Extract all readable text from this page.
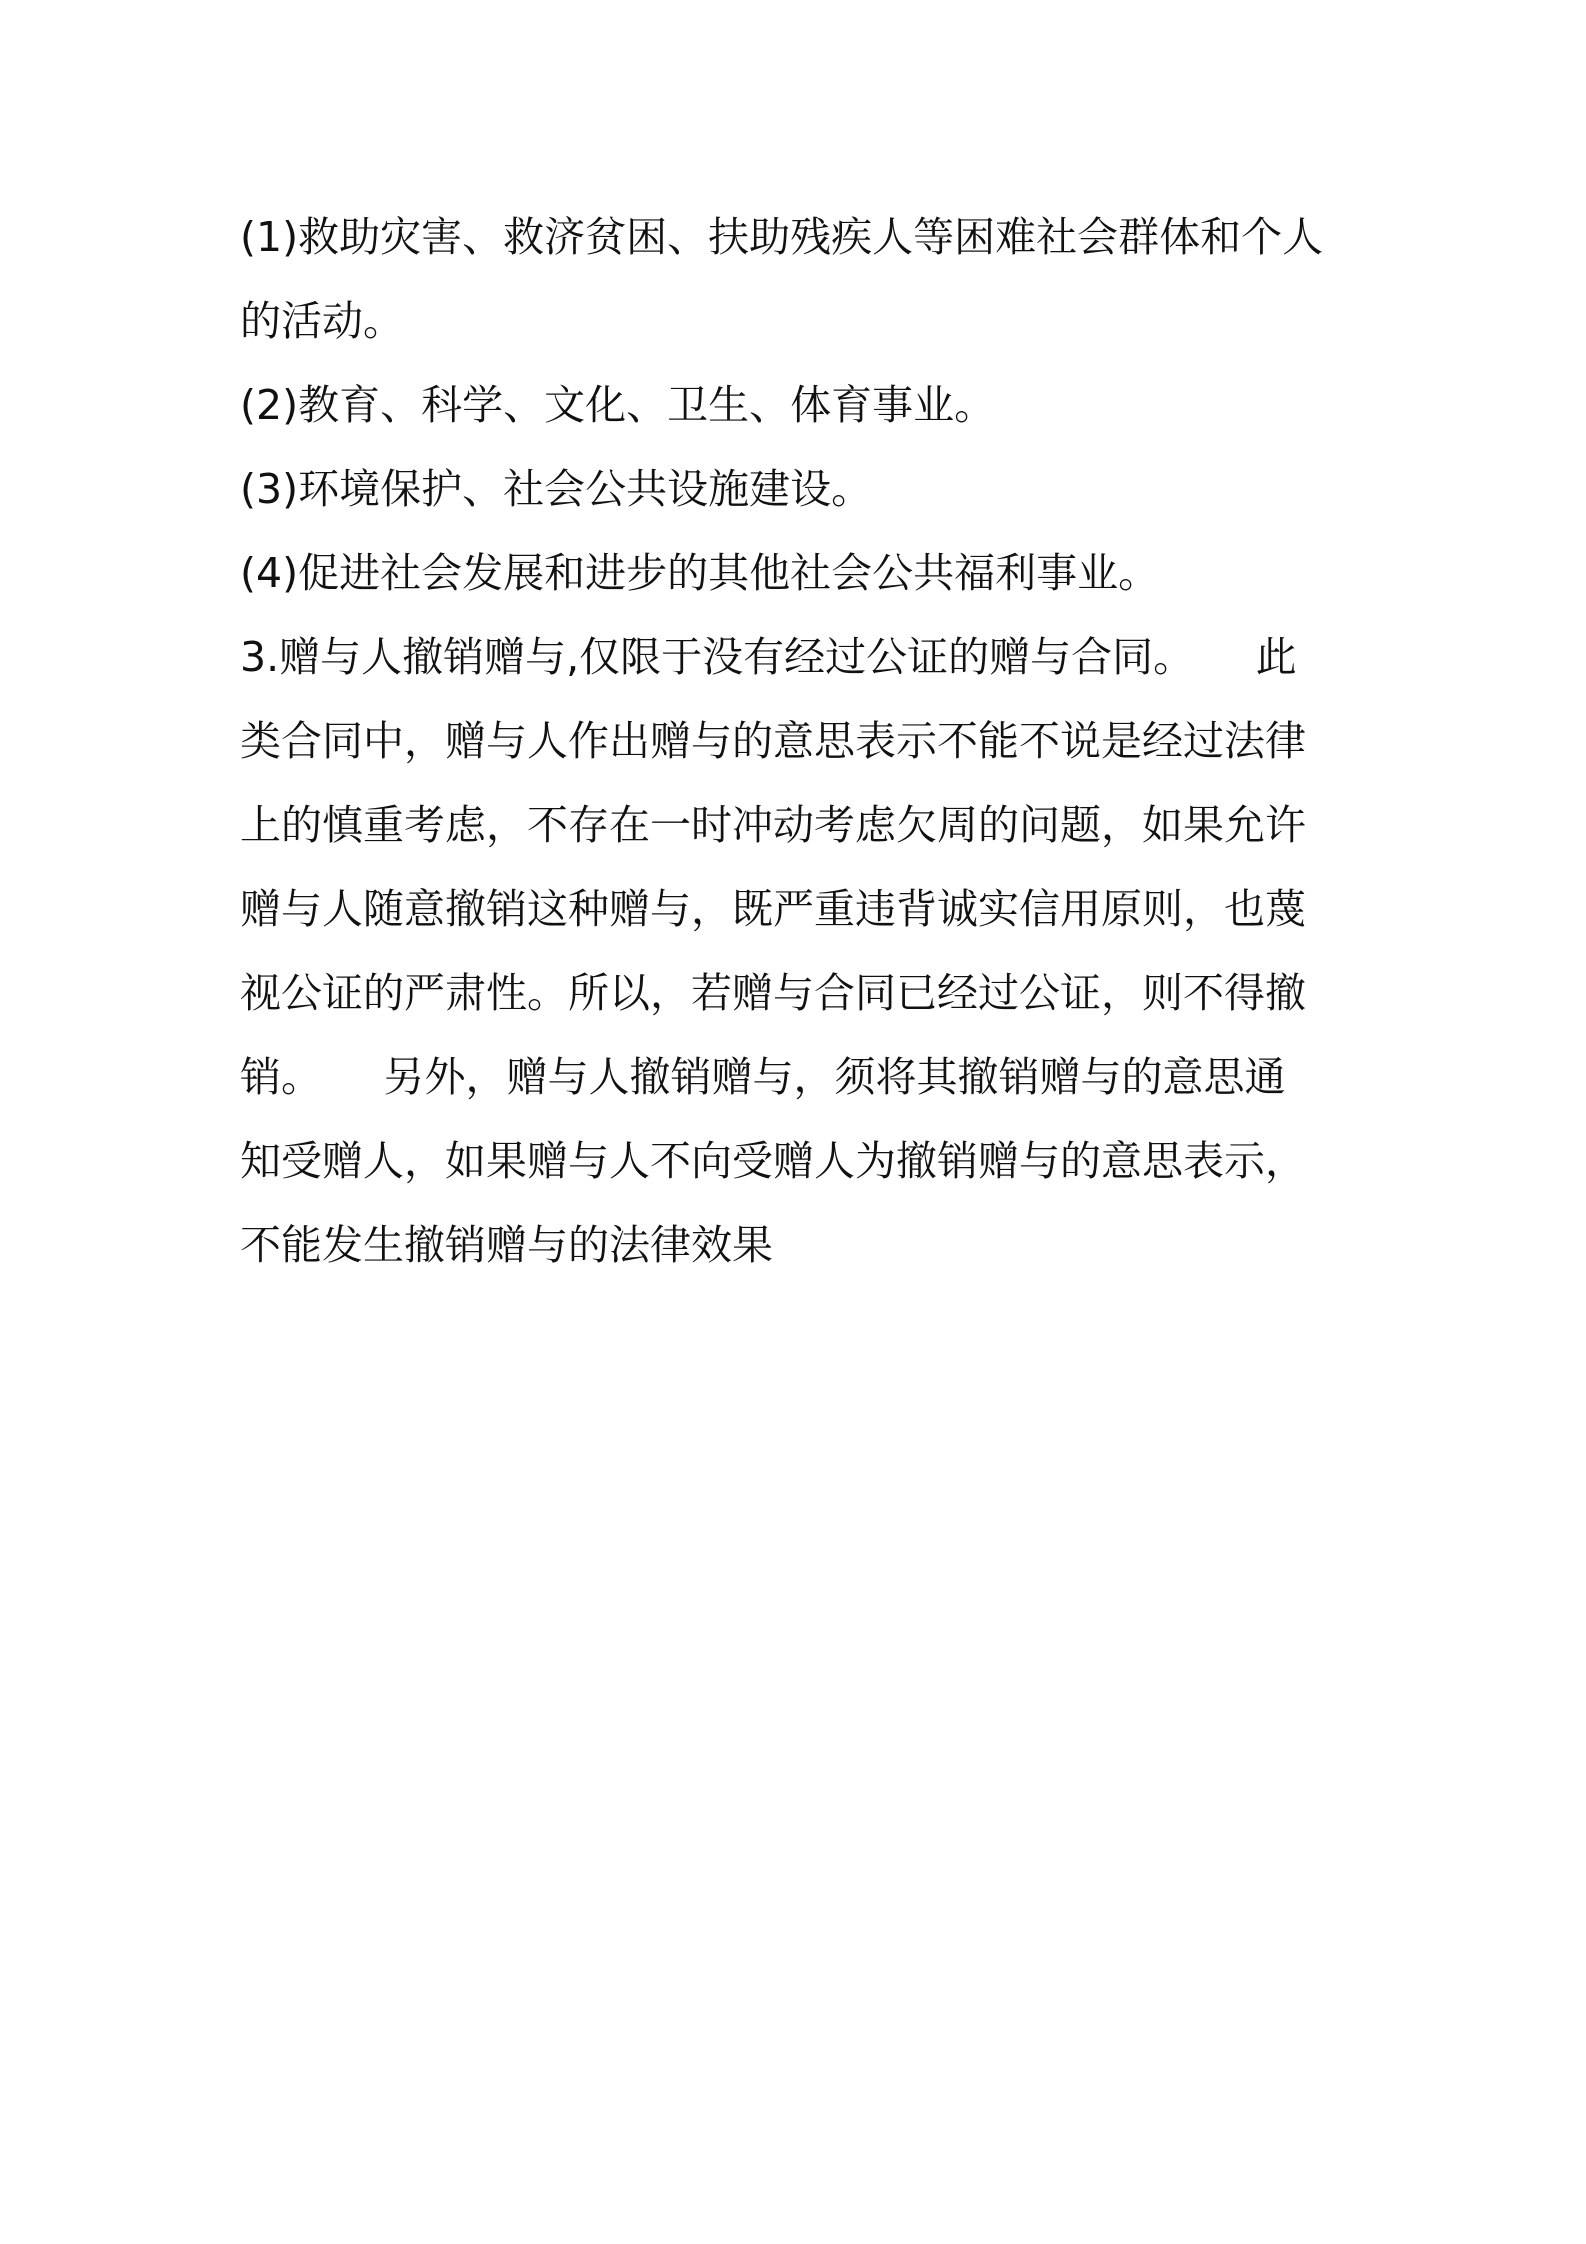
(1)救助灾害、救济贫困、扶助残疾人等困难社会群体和个人
的活动。
(2)教育、科学、文化、卫生、体育事业。
(3)环境保护、社会公共设施建设。
(4)促进社会发展和进步的其他社会公共福利事业。
3.赠与人撤销赠与,仅限于没有经过公证的赠与合同。　　此
类合同中，赠与人作出赠与的意思表示不能不说是经过法律
上的慎重考虑，不存在一时冲动考虑欠周的问题，如果允许
赠与人随意撤销这种赠与，既严重违背诚实信用原则，也蔑
视公证的严肃性。所以，若赠与合同已经过公证，则不得撤
销。　　另外，赠与人撤销赠与，须将其撤销赠与的意思通
知受赠人，如果赠与人不向受赠人为撤销赠与的意思表示，
不能发生撤销赠与的法律效果
